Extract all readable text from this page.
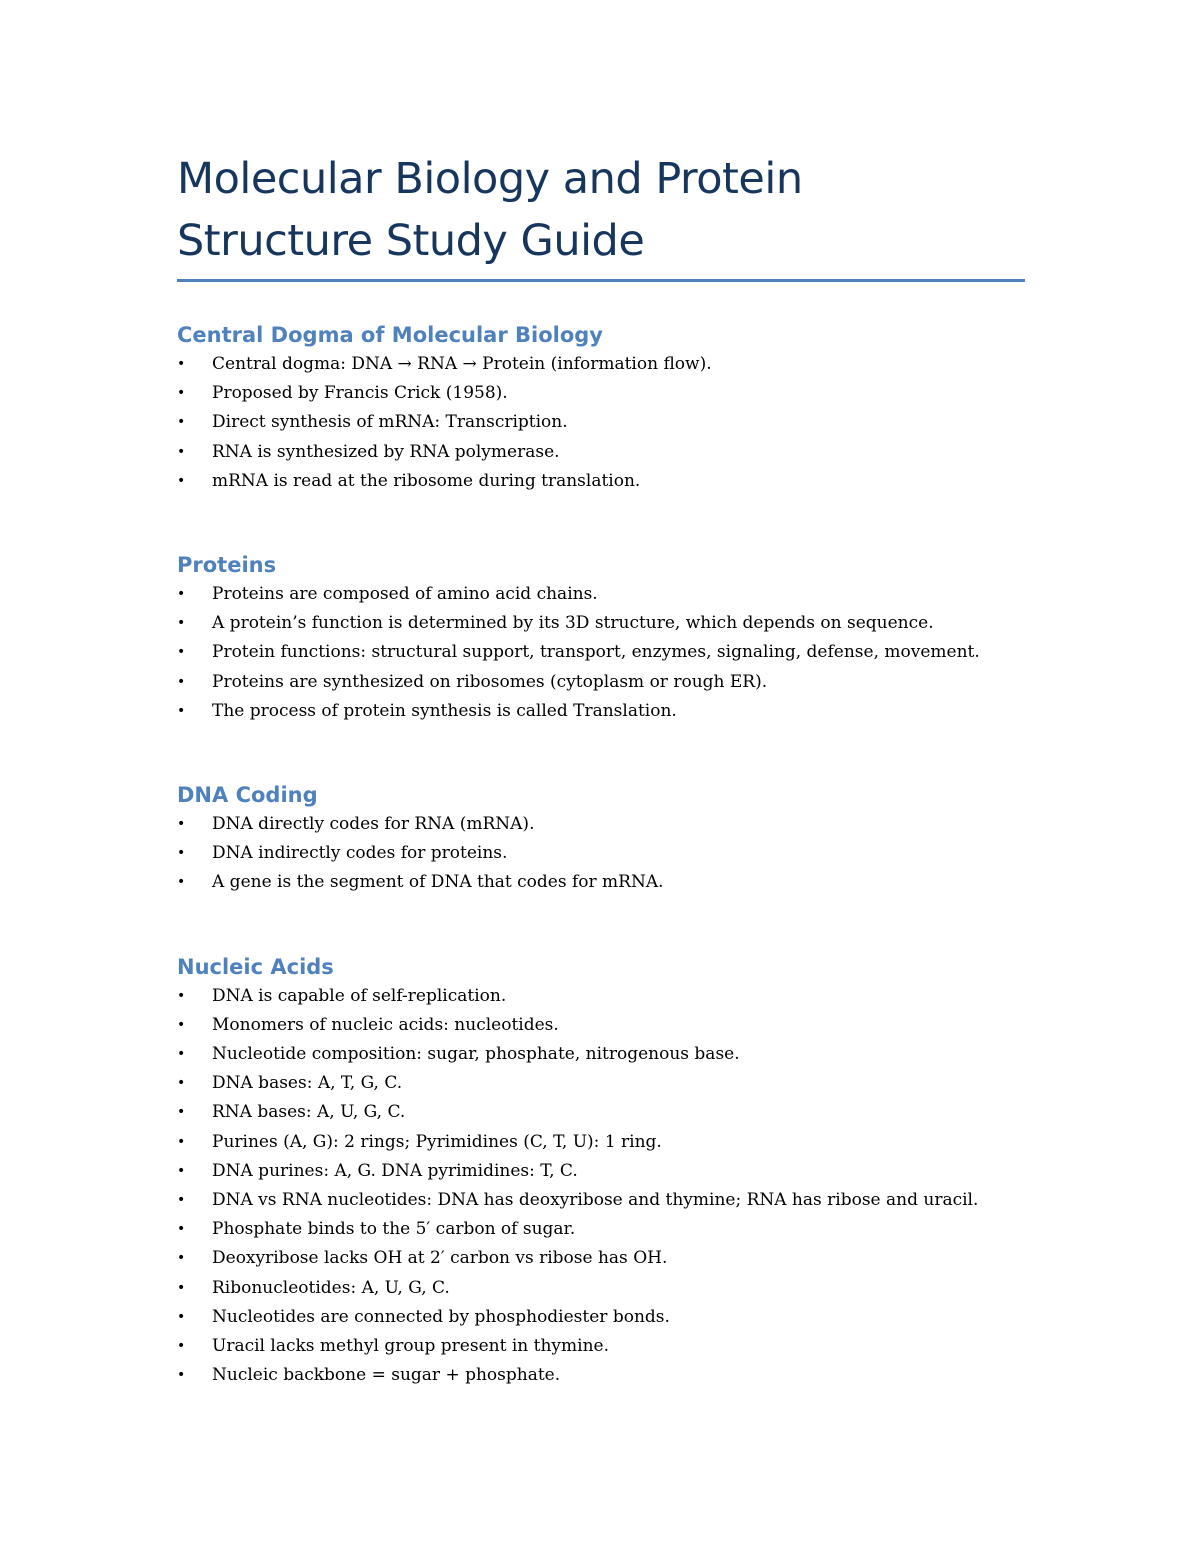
Molecular Biology and Protein
Structure Study Guide
Central Dogma of Molecular Biology
• Central dogma: DNA → RNA → Protein (information flow).
• Proposed by Francis Crick (1958).
• Direct synthesis of mRNA: Transcription.
• RNA is synthesized by RNA polymerase.
• mRNA is read at the ribosome during translation.
Proteins
• Proteins are composed of amino acid chains.
• A protein’s function is determined by its 3D structure, which depends on sequence.
• Protein functions: structural support, transport, enzymes, signaling, defense, movement.
• Proteins are synthesized on ribosomes (cytoplasm or rough ER).
• The process of protein synthesis is called Translation.
DNA Coding
• DNA directly codes for RNA (mRNA).
• DNA indirectly codes for proteins.
• A gene is the segment of DNA that codes for mRNA.
Nucleic Acids
• DNA is capable of self-replication.
• Monomers of nucleic acids: nucleotides.
• Nucleotide composition: sugar, phosphate, nitrogenous base.
• DNA bases: A, T, G, C.
• RNA bases: A, U, G, C.
• Purines (A, G): 2 rings; Pyrimidines (C, T, U): 1 ring.
• DNA purines: A, G. DNA pyrimidines: T, C.
• DNA vs RNA nucleotides: DNA has deoxyribose and thymine; RNA has ribose and uracil.
• Phosphate binds to the 5′ carbon of sugar.
• Deoxyribose lacks OH at 2′ carbon vs ribose has OH.
• Ribonucleotides: A, U, G, C.
• Nucleotides are connected by phosphodiester bonds.
• Uracil lacks methyl group present in thymine.
• Nucleic backbone = sugar + phosphate.
